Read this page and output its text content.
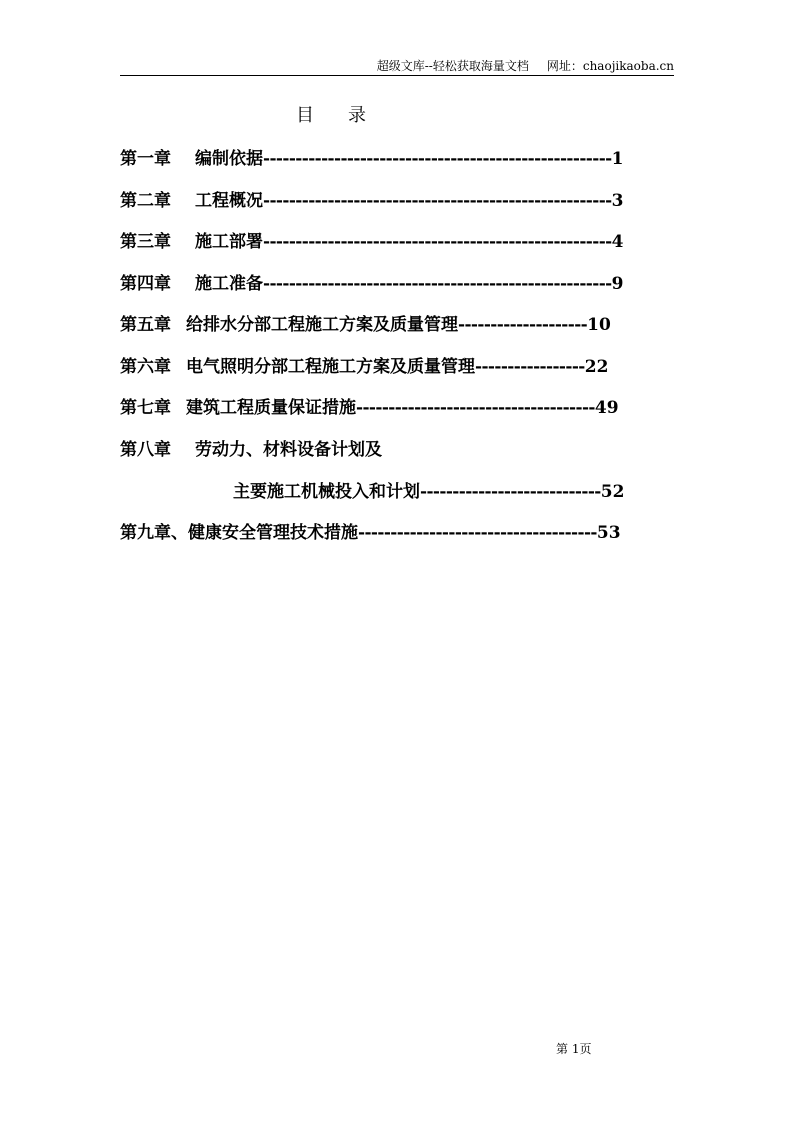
超级文库--轻松获取海量文档 网址：chaojikaoba.cn
目 录
第一章 编制依据------------------------------------------------------1
第二章 工程概况------------------------------------------------------3
第三章 施工部署------------------------------------------------------4
第四章 施工准备------------------------------------------------------9
第五章 给排水分部工程施工方案及质量管理--------------------10
第六章 电气照明分部工程施工方案及质量管理-----------------22
第七章 建筑工程质量保证措施-------------------------------------49
第八章 劳动力、材料设备计划及
主要施工机械投入和计划----------------------------52
第九章、健康安全管理技术措施-------------------------------------53
第 1页
